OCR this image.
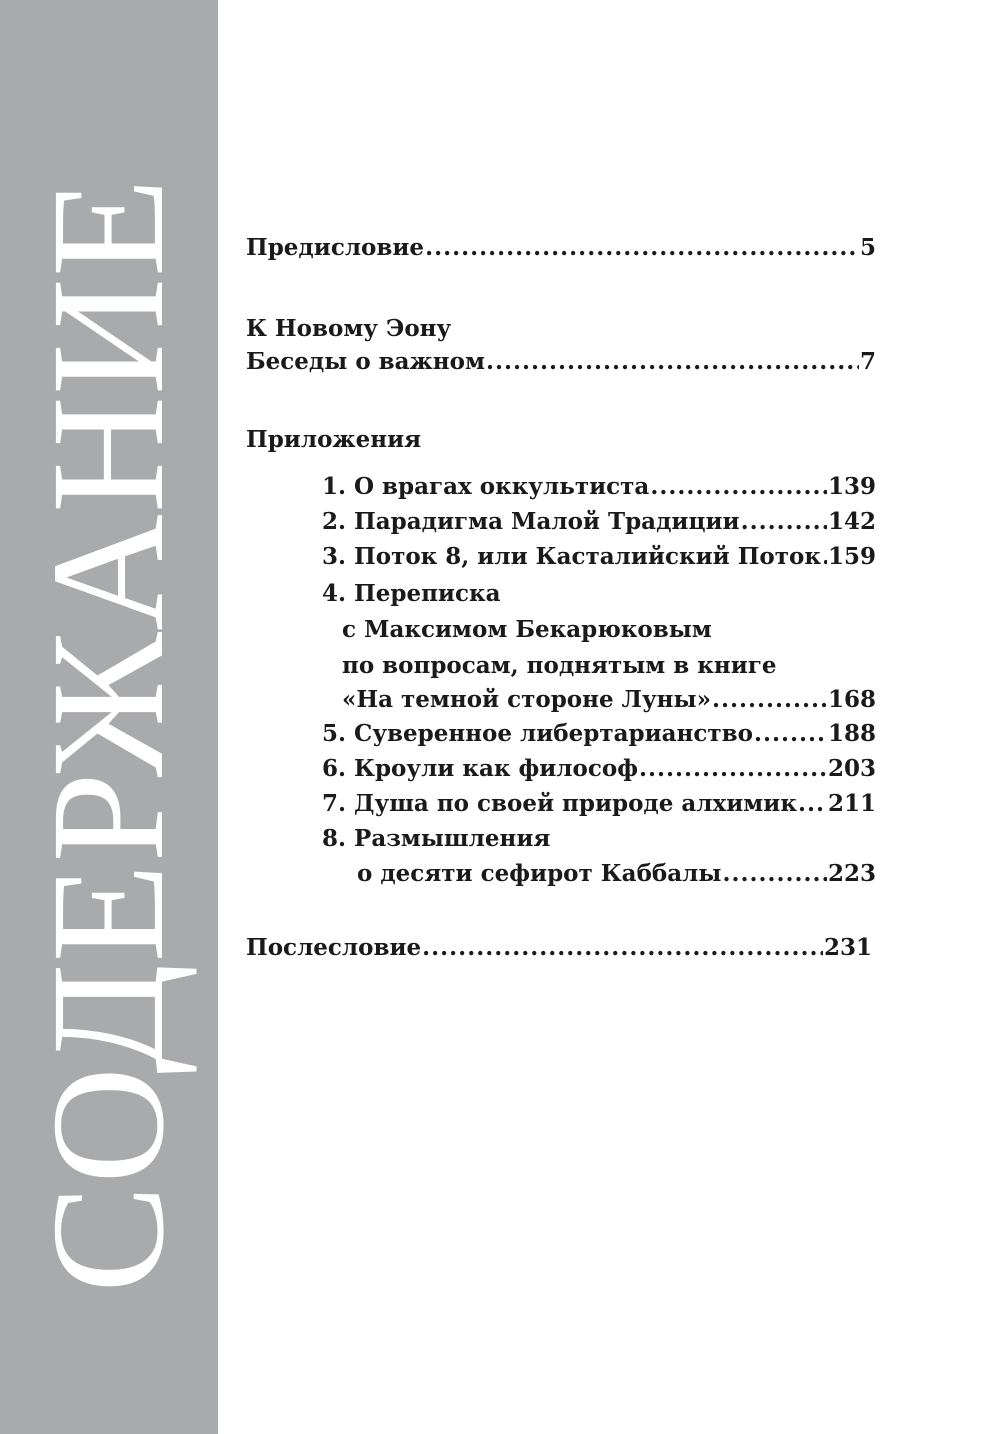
СОДЕРЖАНИЕ Предисловие .....	5
К Новому Эону
Беседы о важном .....	7
Приложения
1. О врагах оккультиста .....	139
2. Парадигма Малой Традиции .....	142
3. Поток 8, или Касталийский Поток ..... 159
4. Переписка
с Максимом Бекарюковым
по вопросам, поднятым в книге
«На темной стороне Луны» .....	168
5. Суверенное либертарианство .....	188
6. Кроули как философ .....	203
7. Душа по своей природе алхимик ..... 211
8. Размышления
о десяти сефирот Каббалы .....	223
Послесловие .....	231
